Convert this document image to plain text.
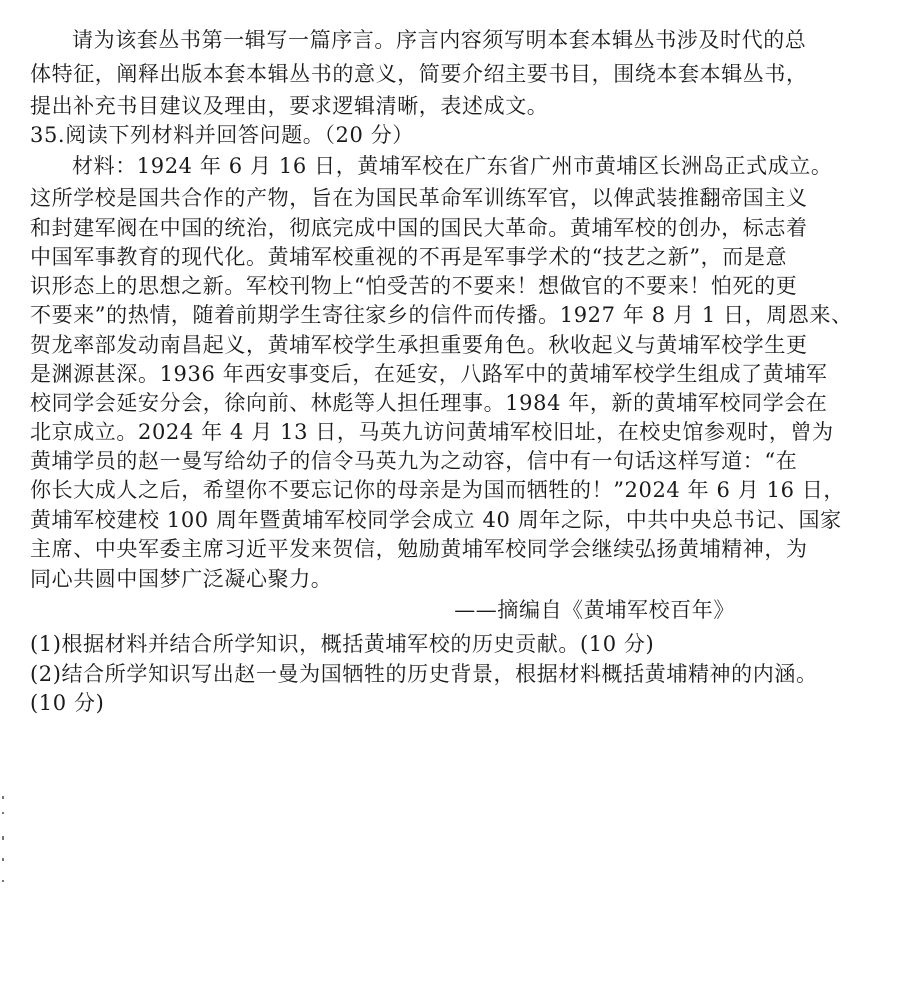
请为该套丛书第一辑写一篇序言。序言内容须写明本套本辑丛书涉及时代的总
体特征，阐释出版本套本辑丛书的意义，简要介绍主要书目，围绕本套本辑丛书，
提出补充书目建议及理由，要求逻辑清晰，表述成文。
35.阅读下列材料并回答问题。（20 分）
材料：1924 年 6 月 16 日，黄埔军校在广东省广州市黄埔区长洲岛正式成立。
这所学校是国共合作的产物，旨在为国民革命军训练军官，以俾武装推翻帝国主义
和封建军阀在中国的统治，彻底完成中国的国民大革命。黄埔军校的创办，标志着
中国军事教育的现代化。黄埔军校重视的不再是军事学术的“技艺之新”，而是意
识形态上的思想之新。军校刊物上“怕受苦的不要来！想做官的不要来！怕死的更
不要来”的热情，随着前期学生寄往家乡的信件而传播。1927 年 8 月 1 日，周恩来、
贺龙率部发动南昌起义，黄埔军校学生承担重要角色。秋收起义与黄埔军校学生更
是渊源甚深。1936 年西安事变后，在延安，八路军中的黄埔军校学生组成了黄埔军
校同学会延安分会，徐向前、林彪等人担任理事。1984 年，新的黄埔军校同学会在
北京成立。2024 年 4 月 13 日，马英九访问黄埔军校旧址，在校史馆参观时，曾为
黄埔学员的赵一曼写给幼子的信令马英九为之动容，信中有一句话这样写道：“在
你长大成人之后，希望你不要忘记你的母亲是为国而牺牲的！”2024 年 6 月 16 日，
黄埔军校建校 100 周年暨黄埔军校同学会成立 40 周年之际，中共中央总书记、国家
主席、中央军委主席习近平发来贺信，勉励黄埔军校同学会继续弘扬黄埔精神，为
同心共圆中国梦广泛凝心聚力。
——摘编自《黄埔军校百年》
(1)根据材料并结合所学知识，概括黄埔军校的历史贡献。(10 分)
(2)结合所学知识写出赵一曼为国牺牲的历史背景，根据材料概括黄埔精神的内涵。
(10 分)
